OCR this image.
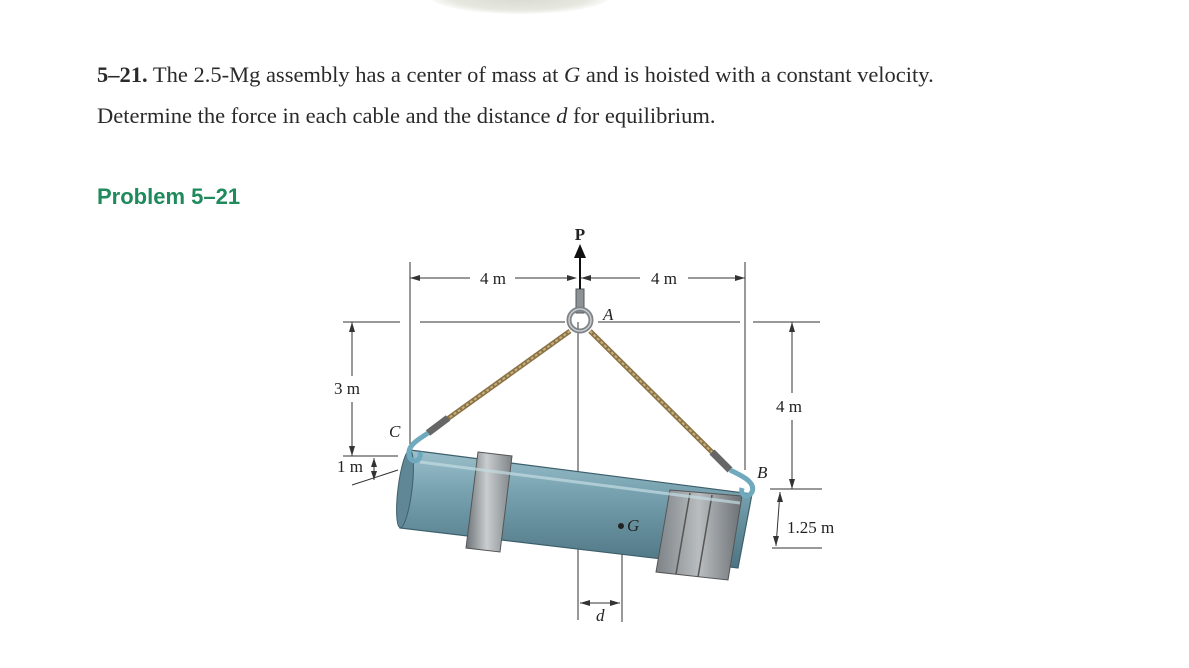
5–21. The 2.5-Mg assembly has a center of mass at G and is hoisted with a constant velocity.
Determine the force in each cable and the distance d for equilibrium.
Problem 5–21
P
A
B
C
G
d
4 m	4 m
3 m
1 m
4 m
1.25 m
